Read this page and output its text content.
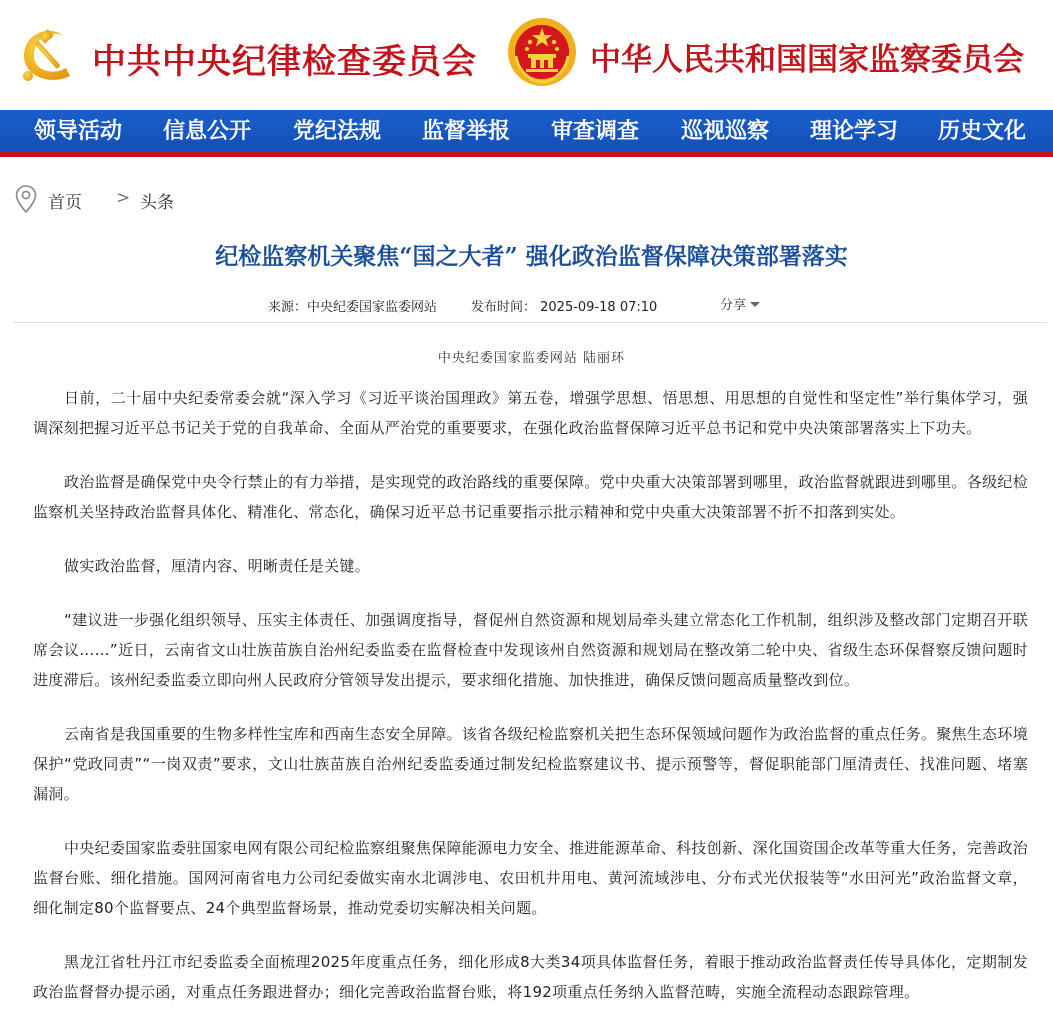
中共中央纪律检查委员会	中华人民共和国国家监察委员会
领导活动 信息公开 党纪法规 监督举报 审查调查 巡视巡察 理论学习 历史文化
首页 > 头条
纪检监察机关聚焦“国之大者” 强化政治监督保障决策部署落实
来源：中央纪委国家监委网站	发布时间： 2025-09-18 07:10	分享
中央纪委国家监委网站 陆丽环

日前，二十届中央纪委常委会就“深入学习《习近平谈治国理政》第五卷，增强学思想、悟思想、用思想的自觉性和坚定性”举行集体学习，强调深刻把握习近平总书记关于党的自我革命、全面从严治党的重要要求，在强化政治监督保障习近平总书记和党中央决策部署落实上下功夫。

政治监督是确保党中央令行禁止的有力举措，是实现党的政治路线的重要保障。党中央重大决策部署到哪里，政治监督就跟进到哪里。各级纪检监察机关坚持政治监督具体化、精准化、常态化，确保习近平总书记重要指示批示精神和党中央重大决策部署不折不扣落到实处。

做实政治监督，厘清内容、明晰责任是关键。

“建议进一步强化组织领导、压实主体责任、加强调度指导，督促州自然资源和规划局牵头建立常态化工作机制，组织涉及整改部门定期召开联席会议……”近日，云南省文山壮族苗族自治州纪委监委在监督检查中发现该州自然资源和规划局在整改第二轮中央、省级生态环保督察反馈问题时进度滞后。该州纪委监委立即向州人民政府分管领导发出提示，要求细化措施、加快推进，确保反馈问题高质量整改到位。

云南省是我国重要的生物多样性宝库和西南生态安全屏障。该省各级纪检监察机关把生态环保领域问题作为政治监督的重点任务。聚焦生态环境保护“党政同责”“一岗双责”要求，文山壮族苗族自治州纪委监委通过制发纪检监察建议书、提示预警等，督促职能部门厘清责任、找准问题、堵塞漏洞。

中央纪委国家监委驻国家电网有限公司纪检监察组聚焦保障能源电力安全、推进能源革命、科技创新、深化国资国企改革等重大任务，完善政治监督台账、细化措施。国网河南省电力公司纪委做实南水北调涉电、农田机井用电、黄河流域涉电、分布式光伏报装等“水田河光”政治监督文章，细化制定80个监督要点、24个典型监督场景，推动党委切实解决相关问题。

黑龙江省牡丹江市纪委监委全面梳理2025年度重点任务，细化形成8大类34项具体监督任务，着眼于推动政治监督责任传导具体化，定期制发政治监督督办提示函，对重点任务跟进督办；细化完善政治监督台账，将192项重点任务纳入监督范畴，实施全流程动态跟踪管理。
